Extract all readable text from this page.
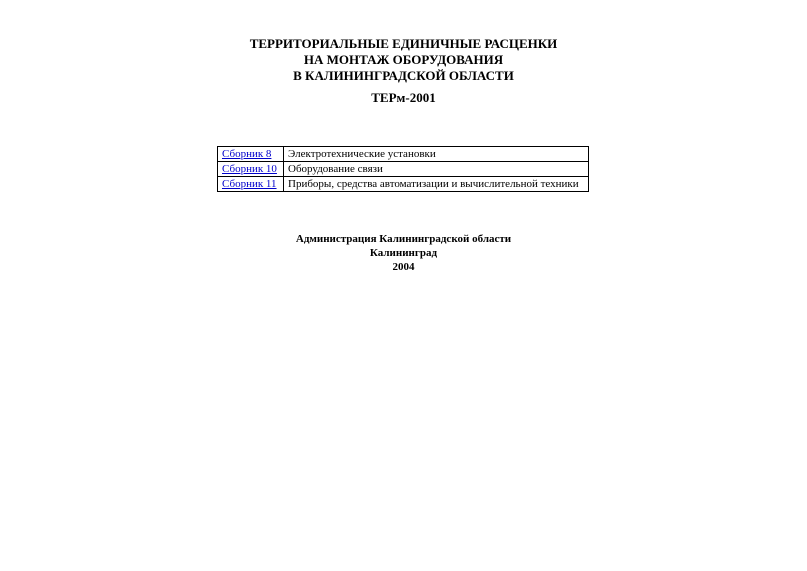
ТЕРРИТОРИАЛЬНЫЕ ЕДИНИЧНЫЕ РАСЦЕНКИ

НА МОНТАЖ ОБОРУДОВАНИЯ

В КАЛИНИНГРАДСКОЙ ОБЛАСТИ

ТЕРм-2001
Сборник 8	Электротехнические установки
Сборник 10	Оборудование связи
Сборник 11	Приборы, средства автоматизации и вычислительной техники

Администрация Калининградской области

Калининград

2004
